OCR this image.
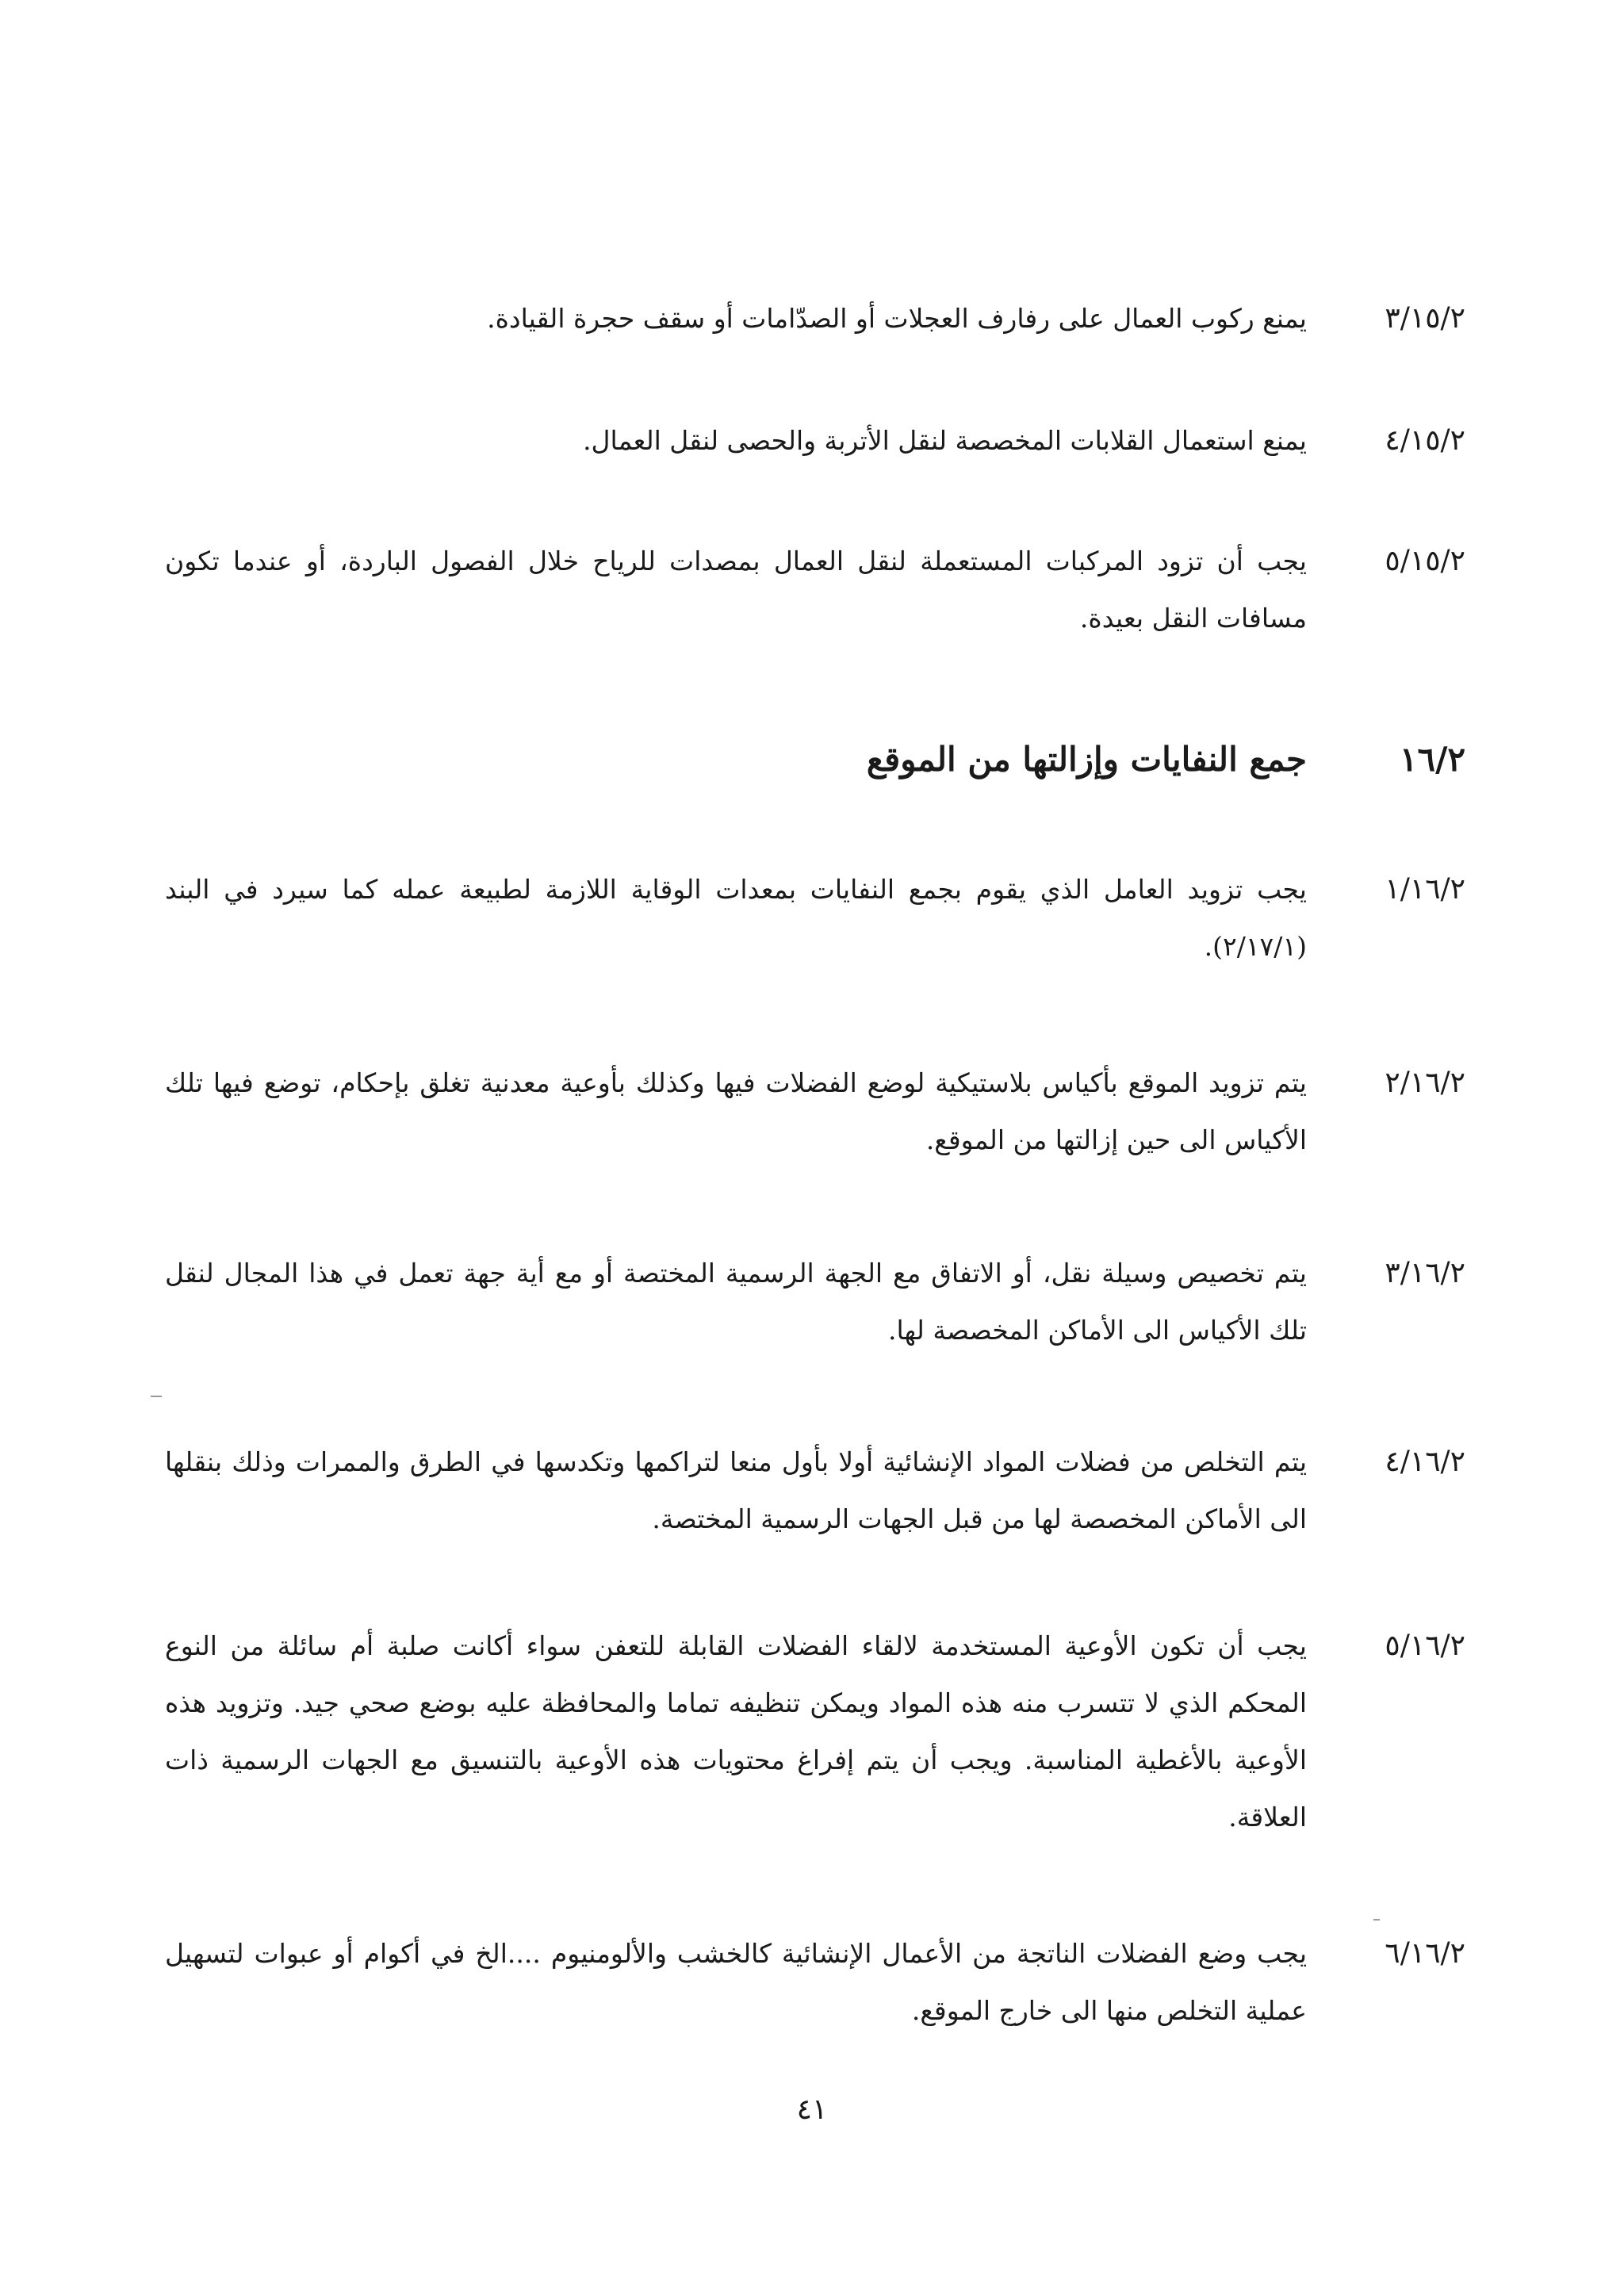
٣/١٥/٢
يمنع ركوب العمال على رفارف العجلات أو الصدّامات أو سقف حجرة القيادة.
٤/١٥/٢
يمنع استعمال القلابات المخصصة لنقل الأتربة والحصى لنقل العمال.
٥/١٥/٢
يجب أن تزود المركبات المستعملة لنقل العمال بمصدات للرياح خلال الفصول الباردة، أو عندما تكون مسافات النقل بعيدة.
١٦/٢
جمع النفايات وإزالتها من الموقع
١/١٦/٢
يجب تزويد العامل الذي يقوم بجمع النفايات بمعدات الوقاية اللازمة لطبيعة عمله كما سيرد في البند (٢/١٧/١).
٢/١٦/٢
يتم تزويد الموقع بأكياس بلاستيكية لوضع الفضلات فيها وكذلك بأوعية معدنية تغلق بإحكام، توضع فيها تلك الأكياس الى حين إزالتها من الموقع.
٣/١٦/٢
يتم تخصيص وسيلة نقل، أو الاتفاق مع الجهة الرسمية المختصة أو مع أية جهة تعمل في هذا المجال لنقل تلك الأكياس الى الأماكن المخصصة لها.
٤/١٦/٢
يتم التخلص من فضلات المواد الإنشائية أولا بأول منعا لتراكمها وتكدسها في الطرق والممرات وذلك بنقلها الى الأماكن المخصصة لها من قبل الجهات الرسمية المختصة.
٥/١٦/٢
يجب أن تكون الأوعية المستخدمة لالقاء الفضلات القابلة للتعفن سواء أكانت صلبة أم سائلة من النوع المحكم الذي لا تتسرب منه هذه المواد ويمكن تنظيفه تماما والمحافظة عليه بوضع صحي جيد. وتزويد هذه الأوعية بالأغطية المناسبة. ويجب أن يتم إفراغ محتويات هذه الأوعية بالتنسيق مع الجهات الرسمية ذات العلاقة.
٦/١٦/٢
يجب وضع الفضلات الناتجة من الأعمال الإنشائية كالخشب والألومنيوم ....الخ في أكوام أو عبوات لتسهيل عملية التخلص منها الى خارج الموقع.
٤١
